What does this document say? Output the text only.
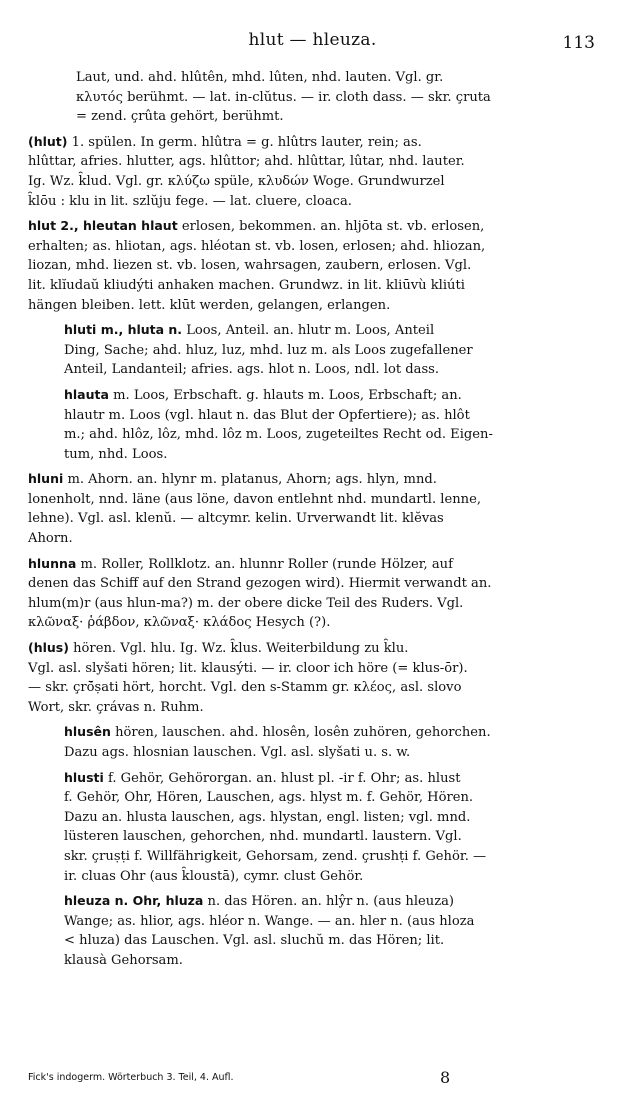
hlut — hleuza.	113

Laut, und. ahd. hlûtên, mhd. lûten, nhd. lauten. Vgl. gr.

κλυτός berühmt. — lat. in-clŭtus. — ir. cloth dass. — skr. çruta

= zend. çrûta gehört, berühmt.

(hlut) 1. spülen. In germ. hlûtra = g. hlûtrs lauter, rein; as.

hlûttar, afries. hlutter, ags. hlûttor; ahd. hlûttar, lûtar, nhd. lauter.

Ig. Wz. k̑lud. Vgl. gr. κλύζω spüle, κλυδών Woge. Grundwurzel

k̑lōu : klu in lit. szlŭju fege. — lat. cluere, cloaca.

hlut 2., hleutan hlaut erlosen, bekommen. an. hljōta st. vb. erlosen,

erhalten; as. hliotan, ags. hléotan st. vb. losen, erlosen; ahd. hliozan,

liozan, mhd. liezen st. vb. losen, wahrsagen, zaubern, erlosen. Vgl.

lit. klĭudaŭ kliudýti anhaken machen. Grundwz. in lit. kliūvù kliúti

hängen bleiben. lett. klūt werden, gelangen, erlangen.

hluti m., hluta n. Loos, Anteil. an. hlutr m. Loos, Anteil

Ding, Sache; ahd. hluz, luz, mhd. luz m. als Loos zugefallener

Anteil, Landanteil; afries. ags. hlot n. Loos, ndl. lot dass.

hlauta m. Loos, Erbschaft. g. hlauts m. Loos, Erbschaft; an.

hlautr m. Loos (vgl. hlaut n. das Blut der Opfertiere); as. hlôt

m.; ahd. hlôz, lôz, mhd. lôz m. Loos, zugeteiltes Recht od. Eigen-

tum, nhd. Loos.

hluni m. Ahorn. an. hlynr m. platanus, Ahorn; ags. hlyn, mnd.

lonenholt, nnd. läne (aus löne, davon entlehnt nhd. mundartl. lenne,

lehne). Vgl. asl. klenŭ. — altcymr. kelin. Urverwandt lit. klĕvas

Ahorn.

hlunna m. Roller, Rollklotz. an. hlunnr Roller (runde Hölzer, auf

denen das Schiff auf den Strand gezogen wird). Hiermit verwandt an.

hlum(m)r (aus hlun-ma?) m. der obere dicke Teil des Ruders. Vgl.

κλῶναξ· ῥάβδον, κλῶναξ· κλάδος Hesych (?).

(hlus) hören. Vgl. hlu. Ig. Wz. k̑lus. Weiterbildung zu k̑lu.

Vgl. asl. slyšati hören; lit. klausýti. — ir. cloor ich höre (= klus-ōr).

— skr. çrō̆ṣati hört, horcht. Vgl. den s-Stamm gr. κλέος, asl. slovo

Wort, skr. çrávas n. Ruhm.

hlusên hören, lauschen. ahd. hlosên, losên zuhören, gehorchen.

Dazu ags. hlosnian lauschen. Vgl. asl. slyšati u. s. w.

hlusti f. Gehör, Gehörorgan. an. hlust pl. -ir f. Ohr; as. hlust

f. Gehör, Ohr, Hören, Lauschen, ags. hlyst m. f. Gehör, Hören.

Dazu an. hlusta lauschen, ags. hlystan, engl. listen; vgl. mnd.

lüsteren lauschen, gehorchen, nhd. mundartl. laustern. Vgl.

skr. çruṣṭi f. Willfährigkeit, Gehorsam, zend. çrushṭi f. Gehör. —

ir. cluas Ohr (aus k̑loustā), cymr. clust Gehör.

hleuza n. Ohr, hluza n. das Hören. an. hlŷr n. (aus hleuza)

Wange; as. hlior, ags. hléor n. Wange. — an. hler n. (aus hloza

< hluza) das Lauschen. Vgl. asl. sluchŭ m. das Hören; lit.

klausà Gehorsam.

Fick's indogerm. Wörterbuch 3. Teil, 4. Aufl.	8
